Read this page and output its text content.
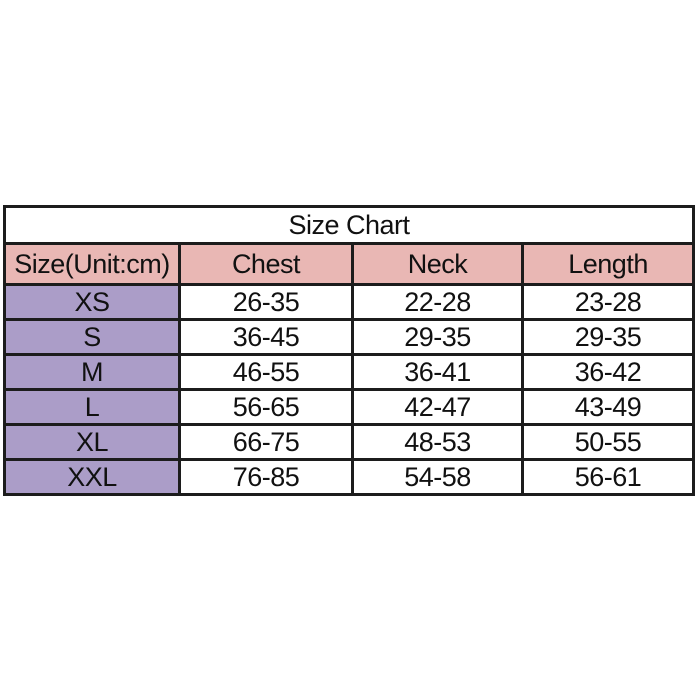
Size Chart			
Size(Unit:cm)	Chest	Neck	Length
XS	26-35	22-28	23-28
S	36-45	29-35	29-35
M	46-55	36-41	36-42
L	56-65	42-47	43-49
XL	66-75	48-53	50-55
XXL	76-85	54-58	56-61
